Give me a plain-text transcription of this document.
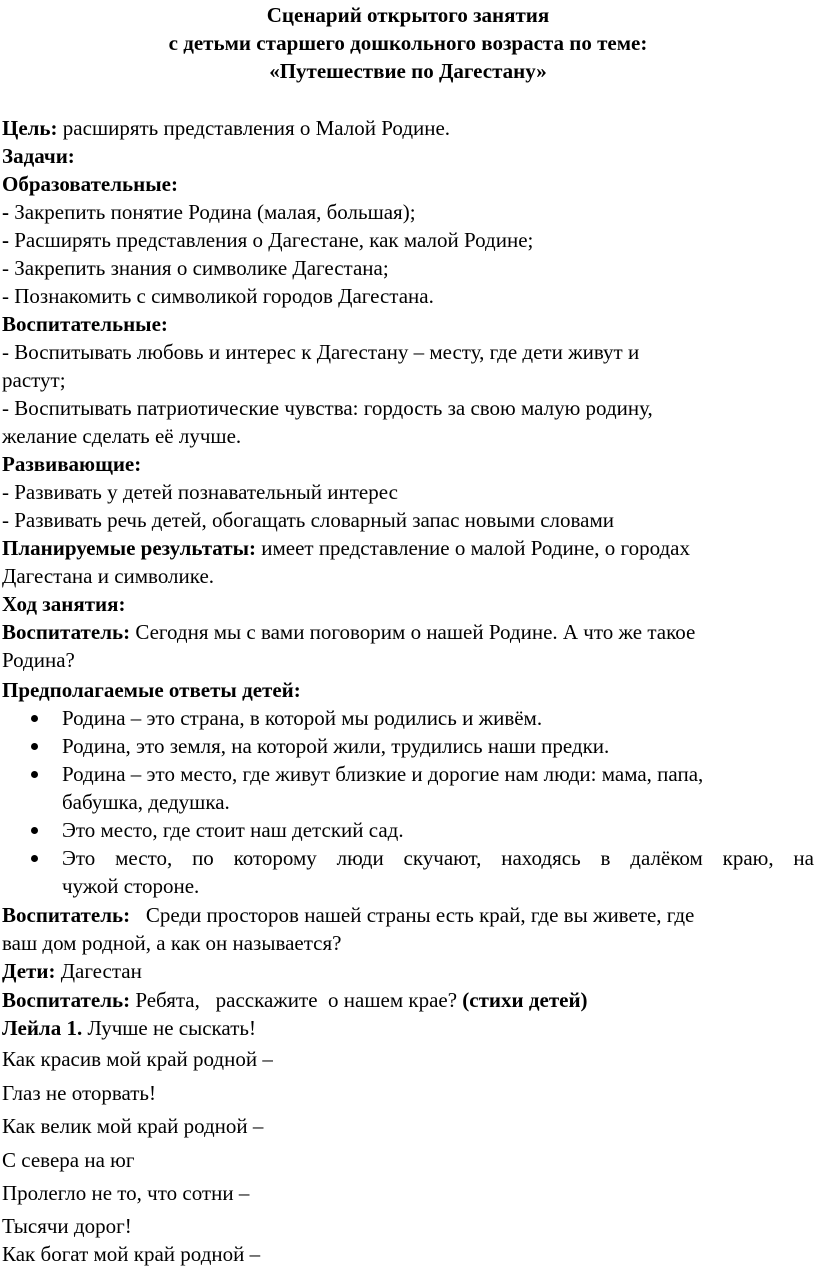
Сценарий открытого занятия
с детьми старшего дошкольного возраста по теме:
«Путешествие по Дагестану»
Цель: расширять представления о Малой Родине.
Задачи:
Образовательные:
- Закрепить понятие Родина (малая, большая);
- Расширять представления о Дагестане, как малой Родине;
- Закрепить знания о символике Дагестана;
- Познакомить с символикой городов Дагестана.
Воспитательные:
- Воспитывать любовь и интерес к Дагестану – месту, где дети живут и
растут;
- Воспитывать патриотические чувства: гордость за свою малую родину,
желание сделать её лучше.
Развивающие:
- Развивать у детей познавательный интерес
- Развивать речь детей, обогащать словарный запас новыми словами
Планируемые результаты: имеет представление о малой Родине, о городах
Дагестана и символике.
Ход занятия:
Воспитатель: Сегодня мы с вами поговорим о нашей Родине. А что же такое
Родина?
Предполагаемые ответы детей:
Родина – это страна, в которой мы родились и живём.
Родина, это земля, на которой жили, трудились наши предки.
Родина – это место, где живут близкие и дорогие нам люди: мама, папа,
бабушка, дедушка.
Это место, где стоит наш детский сад.
Это место, по которому люди скучают, находясь в далёком краю, на
чужой стороне.
Воспитатель:   Среди просторов нашей страны есть край, где вы живете, где
ваш дом родной, а как он называется?
Дети: Дагестан
Воспитатель: Ребята,   расскажите  о нашем крае? (стихи детей)
Лейла 1. Лучше не сыскать!
Как красив мой край родной –
Глаз не оторвать!
Как велик мой край родной –
С севера на юг
Пролегло не то, что сотни –
Тысячи дорог!
Как богат мой край родной –
